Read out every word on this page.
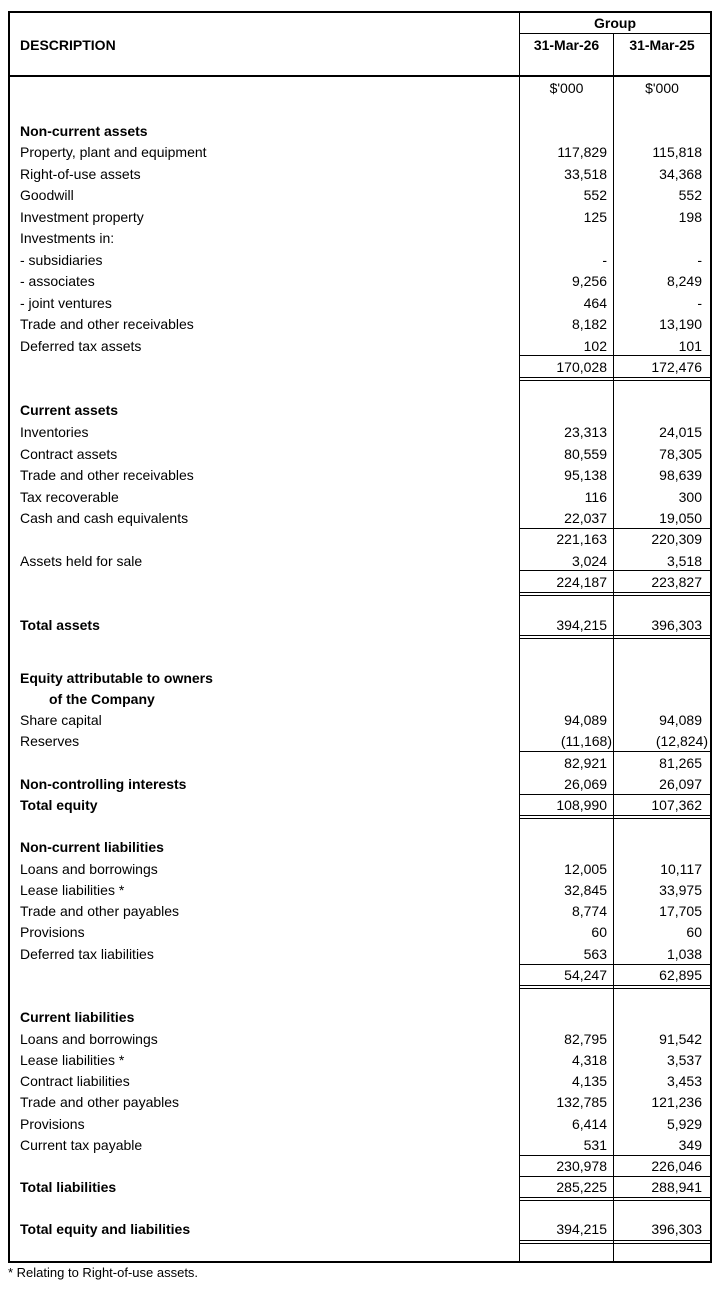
DESCRIPTION
Group
31-Mar-26	31-Mar-25
$'000	$'000
Non-current assets
Property, plant and equipment	117,829	115,818
Right-of-use assets	33,518	34,368
Goodwill	552	552
Investment property	125	198
Investments in:
- subsidiaries	-	-
- associates	9,256	8,249
- joint ventures	464	-
Trade and other receivables	8,182	13,190
Deferred tax assets	102	101
170,028	172,476
Current assets
Inventories	23,313	24,015
Contract assets	80,559	78,305
Trade and other receivables	95,138	98,639
Tax recoverable	116	300
Cash and cash equivalents	22,037	19,050
221,163	220,309
Assets held for sale	3,024	3,518
224,187	223,827
Total assets	394,215	396,303
Equity attributable to owners
of the Company
Share capital	94,089	94,089
Reserves	(11,168)	(12,824)
82,921	81,265
Non-controlling interests	26,069	26,097
Total equity	108,990	107,362
Non-current liabilities
Loans and borrowings	12,005	10,117
Lease liabilities *	32,845	33,975
Trade and other payables	8,774	17,705
Provisions	60	60
Deferred tax liabilities	563	1,038
54,247	62,895
Current liabilities
Loans and borrowings	82,795	91,542
Lease liabilities *	4,318	3,537
Contract liabilities	4,135	3,453
Trade and other payables	132,785	121,236
Provisions	6,414	5,929
Current tax payable	531	349
230,978	226,046
Total liabilities	285,225	288,941
Total equity and liabilities	394,215	396,303
* Relating to Right-of-use assets.
